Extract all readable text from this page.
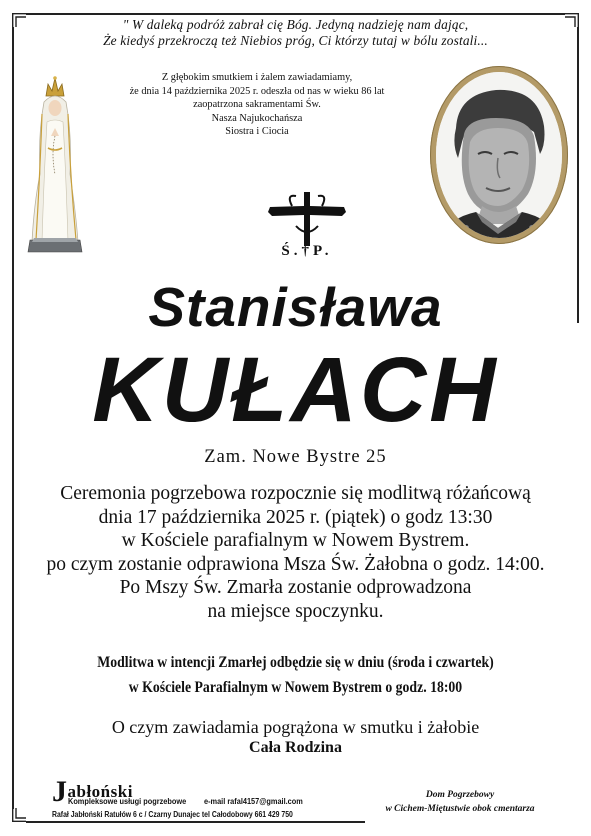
" W daleką podróż zabrał cię Bóg. Jedyną nadzieję nam dając,
Że kiedyś przekroczą też Niebios próg, Ci którzy tutaj w bólu zostali...
Z głębokim smutkiem i żalem zawiadamiamy,
że dnia 14 października 2025 r. odeszła od nas w wieku 86 lat
zaopatrzona sakramentami Św.
Nasza Najukochańsza
Siostra i Ciocia
Ś.†P.
Stanisława
KUŁACH
Zam. Nowe Bystre 25
Ceremonia pogrzebowa rozpocznie się modlitwą różańcową
dnia 17 października 2025 r. (piątek) o godz 13:30
w Kościele parafialnym w Nowem Bystrem.
po czym zostanie odprawiona Msza Św. Żałobna o godz. 14:00.
Po Mszy Św. Zmarła zostanie odprowadzona
na miejsce spoczynku.
Modlitwa w intencji Zmarłej odbędzie się w dniu (środa i czwartek)
w Kościele Parafialnym w Nowem Bystrem o godz. 18:00
O czym zawiadamia pogrążona w smutku i żałobie
Cała Rodzina
Jabłoński
Kompleksowe usługi pogrzebowe e-mail rafal4157@gmail.com
Rafał Jabłoński Ratułów 6 c / Czarny Dunajec tel Całodobowy 661 429 750
Dom Pogrzebowy
w Cichem-Miętustwie obok cmentarza
